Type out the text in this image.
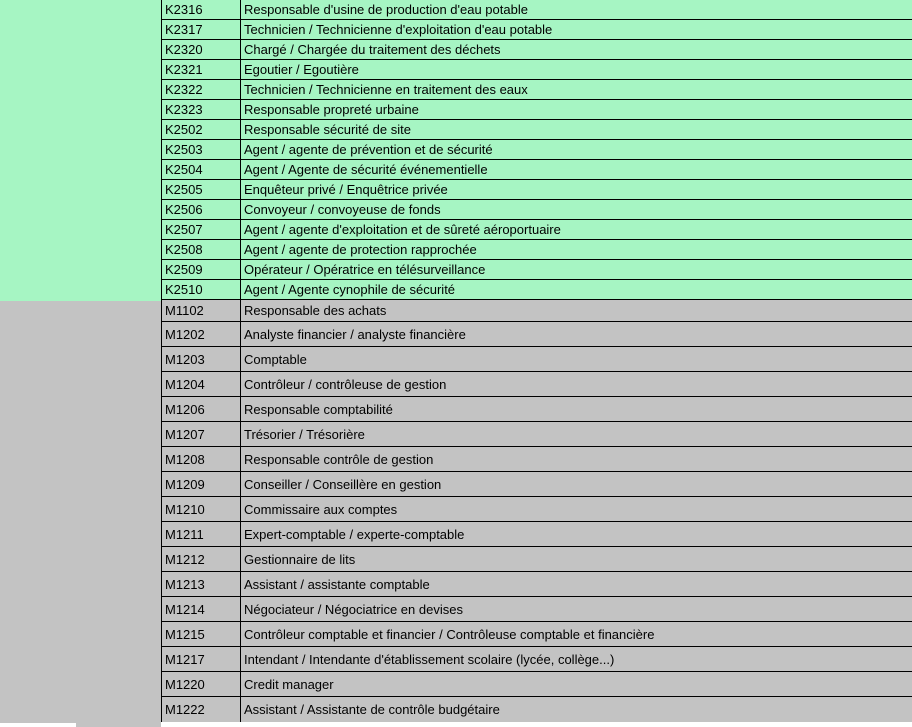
K2316	Responsable d'usine de production d'eau potable
K2317	Technicien / Technicienne d'exploitation d'eau potable
K2320	Chargé / Chargée du traitement des déchets
K2321	Egoutier / Egoutière
K2322	Technicien / Technicienne en traitement des eaux
K2323	Responsable propreté urbaine
K2502	Responsable sécurité de site
K2503	Agent / agente de prévention et de sécurité
K2504	Agent / Agente de sécurité événementielle
K2505	Enquêteur privé / Enquêtrice privée
K2506	Convoyeur / convoyeuse de fonds
K2507	Agent / agente d'exploitation et de sûreté aéroportuaire
K2508	Agent / agente de protection rapprochée
K2509	Opérateur / Opératrice en télésurveillance
K2510	Agent / Agente cynophile de sécurité
M1102	Responsable des achats
M1202	Analyste financier / analyste financière
M1203	Comptable
M1204	Contrôleur / contrôleuse de gestion
M1206	Responsable comptabilité
M1207	Trésorier / Trésorière
M1208	Responsable contrôle de gestion
M1209	Conseiller / Conseillère en gestion
M1210	Commissaire aux comptes
M1211	Expert-comptable / experte-comptable
M1212	Gestionnaire de lits
M1213	Assistant / assistante comptable
M1214	Négociateur / Négociatrice en devises
M1215	Contrôleur comptable et financier / Contrôleuse comptable et financière
M1217	Intendant / Intendante d'établissement scolaire (lycée, collège...)
M1220	Credit manager
M1222	Assistant / Assistante de contrôle budgétaire
